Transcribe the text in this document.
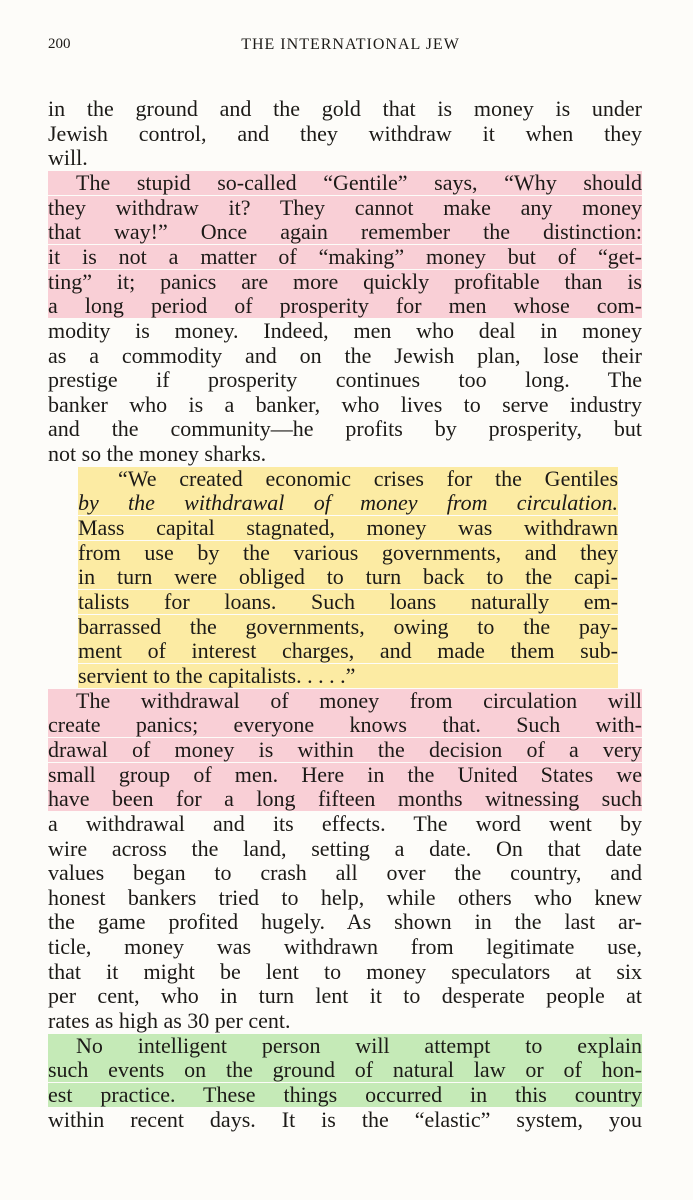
200	THE INTERNATIONAL JEW
in the ground and the gold that is money is under
Jewish control, and they withdraw it when they
will.
The stupid so-called “Gentile” says, “Why should
they withdraw it? They cannot make any money
that way!” Once again remember the distinction:
it is not a matter of “making” money but of “get-
ting” it; panics are more quickly profitable than is
a long period of prosperity for men whose com-
modity is money. Indeed, men who deal in money
as a commodity and on the Jewish plan, lose their
prestige if prosperity continues too long. The
banker who is a banker, who lives to serve industry
and the community—he profits by prosperity, but
not so the money sharks.
“We created economic crises for the Gentiles
by the withdrawal of money from circulation.
Mass capital stagnated, money was withdrawn
from use by the various governments, and they
in turn were obliged to turn back to the capi-
talists for loans. Such loans naturally em-
barrassed the governments, owing to the pay-
ment of interest charges, and made them sub-
servient to the capitalists. . . . .”
The withdrawal of money from circulation will
create panics; everyone knows that. Such with-
drawal of money is within the decision of a very
small group of men. Here in the United States we
have been for a long fifteen months witnessing such
a withdrawal and its effects. The word went by
wire across the land, setting a date. On that date
values began to crash all over the country, and
honest bankers tried to help, while others who knew
the game profited hugely. As shown in the last ar-
ticle, money was withdrawn from legitimate use,
that it might be lent to money speculators at six
per cent, who in turn lent it to desperate people at
rates as high as 30 per cent.
No intelligent person will attempt to explain
such events on the ground of natural law or of hon-
est practice. These things occurred in this country
within recent days. It is the “elastic” system, you
